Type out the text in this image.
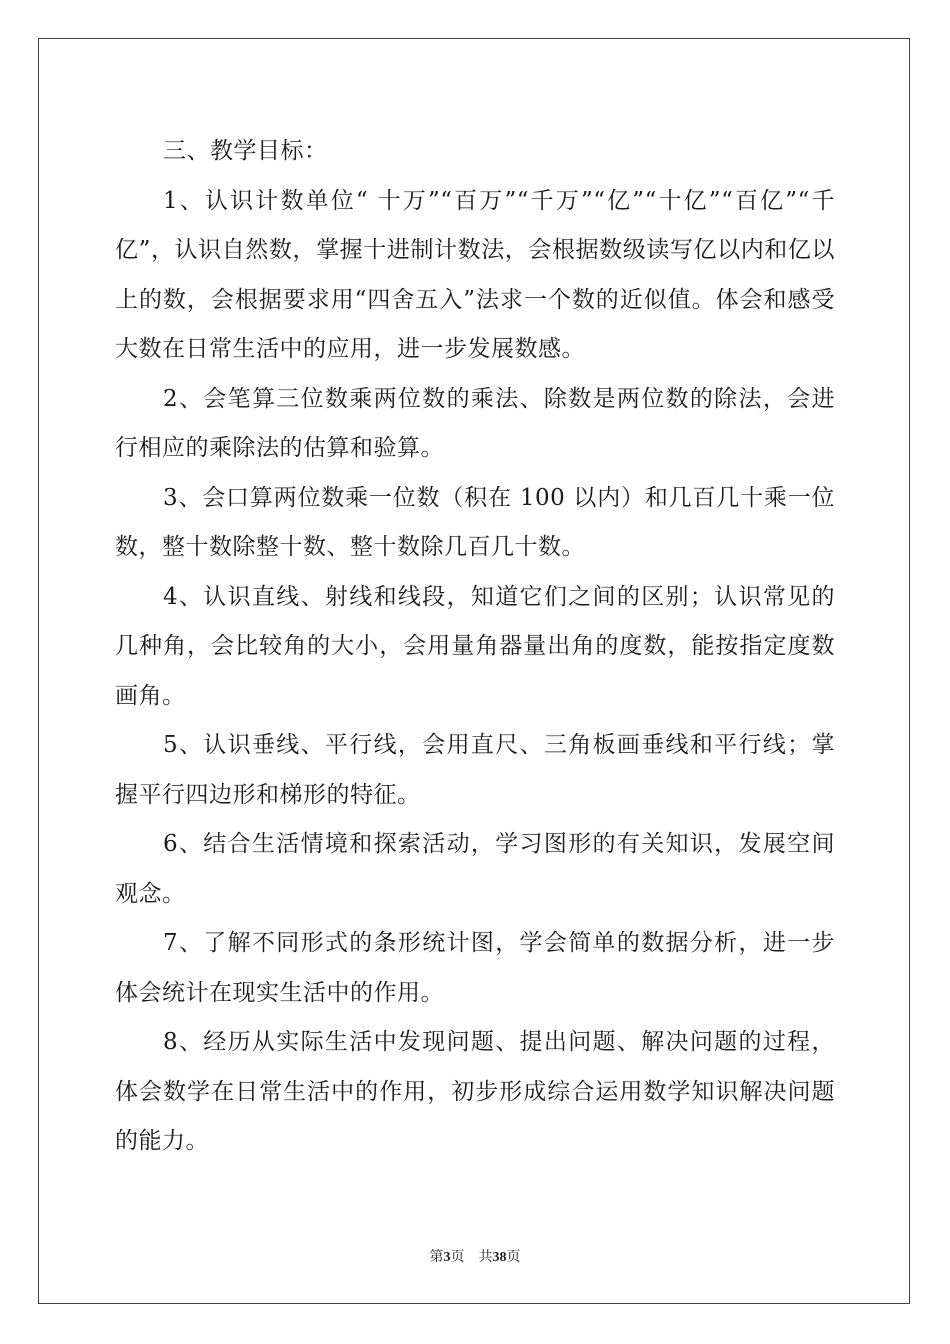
三、教学目标：

1、认识计数单位“ 十万”“百万”“千万”“亿”“十亿”“百亿”“千亿”，认识自然数，掌握十进制计数法，会根据数级读写亿以内和亿以上的数，会根据要求用“四舍五入”法求一个数的近似值。体会和感受大数在日常生活中的应用，进一步发展数感。

2、会笔算三位数乘两位数的乘法、除数是两位数的除法，会进行相应的乘除法的估算和验算。

3、会口算两位数乘一位数（积在 100 以内）和几百几十乘一位数，整十数除整十数、整十数除几百几十数。

4、认识直线、射线和线段，知道它们之间的区别；认识常见的几种角，会比较角的大小，会用量角器量出角的度数，能按指定度数画角。

5、认识垂线、平行线，会用直尺、三角板画垂线和平行线；掌握平行四边形和梯形的特征。

6、结合生活情境和探索活动，学习图形的有关知识，发展空间观念。

7、了解不同形式的条形统计图，学会简单的数据分析，进一步体会统计在现实生活中的作用。

8、经历从实际生活中发现问题、提出问题、解决问题的过程，体会数学在日常生活中的作用，初步形成综合运用数学知识解决问题的能力。

第3页 共38页
